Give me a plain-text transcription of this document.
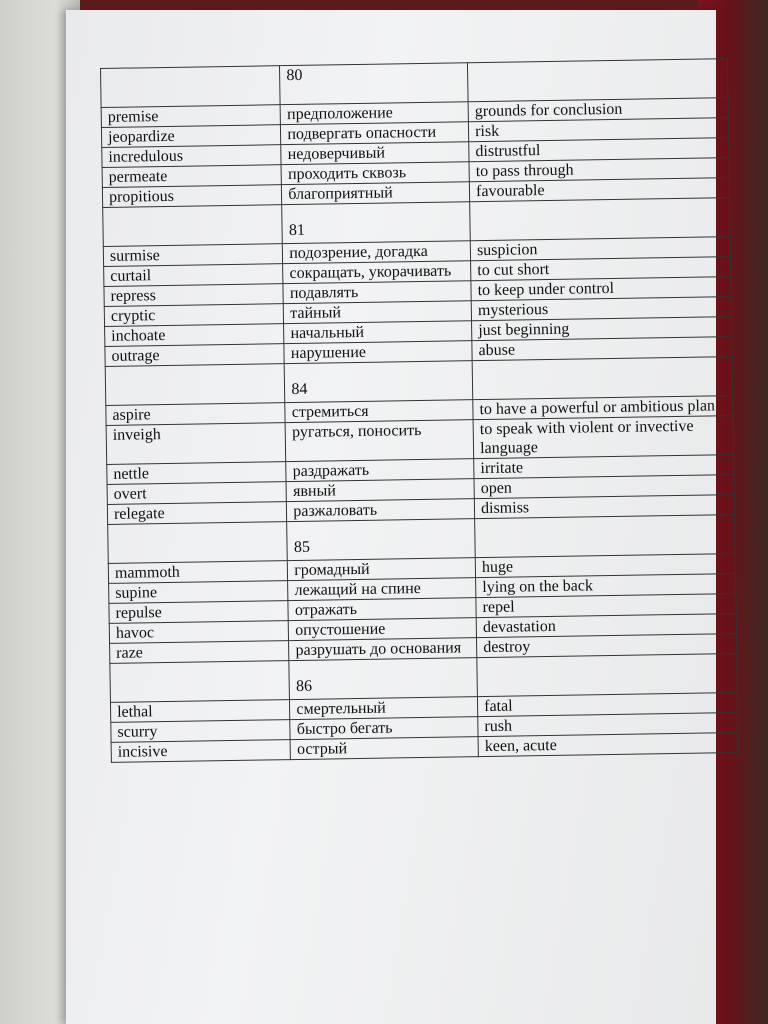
	80	

premise	предположение	grounds for conclusion
jeopardize	подвергать опасности	risk
incredulous	недоверчивый	distrustful
permeate	проходить сквозь	to pass through
propitious	благоприятный	favourable

	81	

surmise	подозрение, догадка	suspicion
curtail	сокращать, укорачивать	to cut short
repress	подавлять	to keep under control
cryptic	тайный	mysterious
inchoate	начальный	just beginning
outrage	нарушение	abuse

	84	

aspire	стремиться	to have a powerful or ambitious plan
inveigh	ругаться, поносить	to speak with violent or invective language
nettle	раздражать	irritate
overt	явный	open
relegate	разжаловать	dismiss

	85	

mammoth	громадный	huge
supine	лежащий на спине	lying on the back
repulse	отражать	repel
havoc	опустошение	devastation
raze	разрушать до основания	destroy

	86	

lethal	смертельный	fatal
scurry	быстро бегать	rush
incisive	острый	keen, acute
